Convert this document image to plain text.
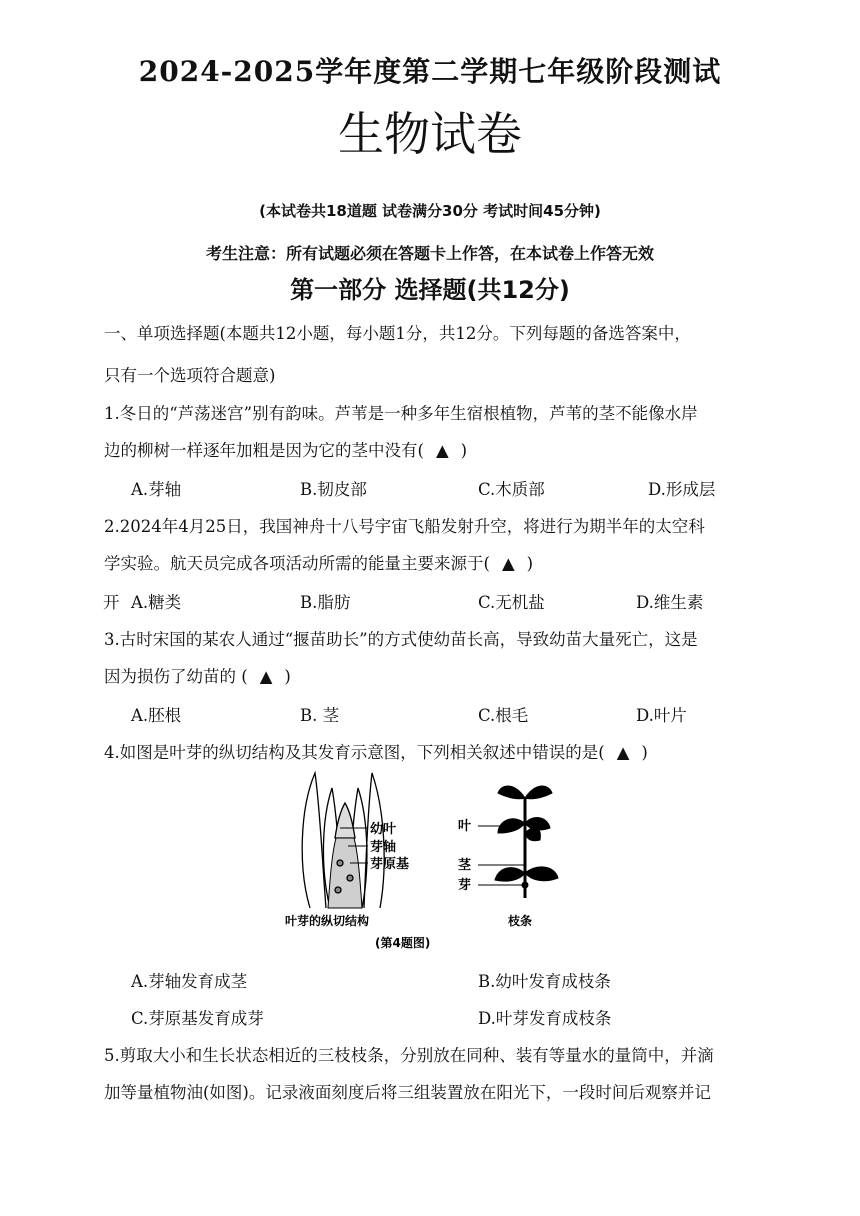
2024-2025学年度第二学期七年级阶段测试
生物试卷
(本试卷共18道题 试卷满分30分 考试时间45分钟)
考生注意：所有试题必须在答题卡上作答，在本试卷上作答无效
第一部分 选择题(共12分)
一、单项选择题(本题共12小题，每小题1分，共12分。下列每题的备选答案中，
只有一个选项符合题意)
1.冬日的“芦荡迷宫”别有韵味。芦苇是一种多年生宿根植物，芦苇的茎不能像水岸
边的柳树一样逐年加粗是因为它的茎中没有( ▲ )
A.芽轴	B.韧皮部	C.木质部	D.形成层
2.2024年4月25日，我国神舟十八号宇宙飞船发射升空，将进行为期半年的太空科
学实验。航天员完成各项活动所需的能量主要来源于( ▲ )
开 A.糖类	B.脂肪	C.无机盐	D.维生素
3.古时宋国的某农人通过“揠苗助长”的方式使幼苗长高，导致幼苗大量死亡，这是
因为损伤了幼苗的 ( ▲ )
A.胚根	B. 茎	C.根毛	D.叶片
4.如图是叶芽的纵切结构及其发育示意图，下列相关叙述中错误的是( ▲ )
幼叶
芽轴
芽原基
叶
茎
芽
叶芽的纵切结构	枝条
(第4题图)
A.芽轴发育成茎	B.幼叶发育成枝条
C.芽原基发育成芽	D.叶芽发育成枝条
5.剪取大小和生长状态相近的三枝枝条，分别放在同种、装有等量水的量筒中，并滴
加等量植物油(如图)。记录液面刻度后将三组装置放在阳光下，一段时间后观察并记
